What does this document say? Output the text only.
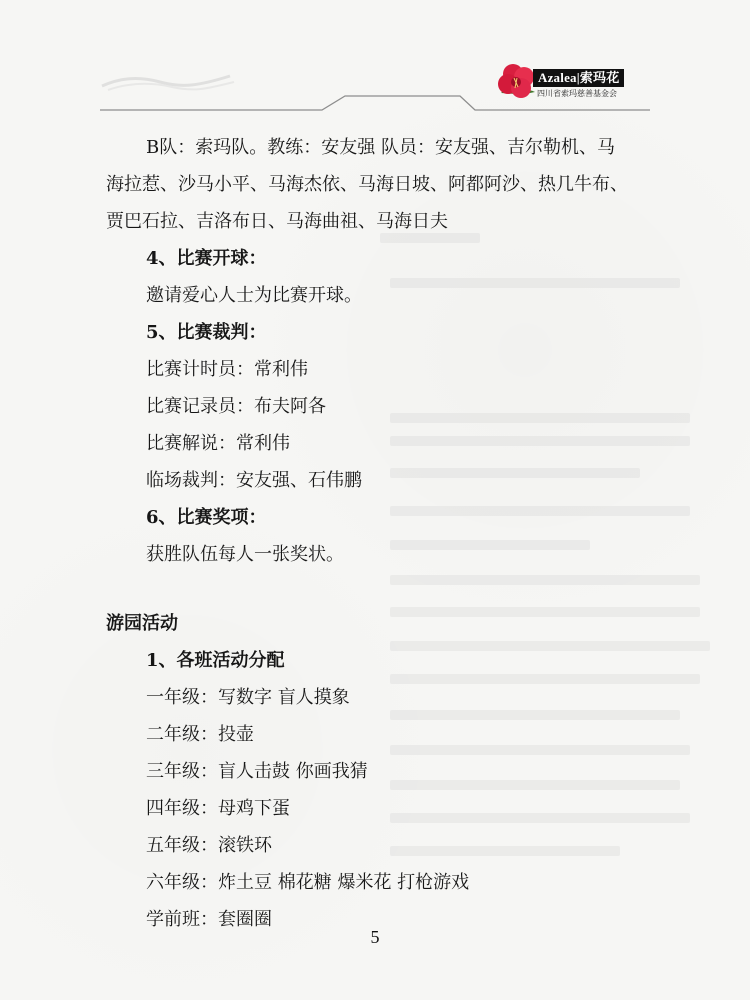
Azalea|索玛花
四川省索玛慈善基金会
B队：索玛队。教练：安友强 队员：安友强、吉尔勒机、马
海拉惹、沙马小平、马海杰依、马海日坡、阿都阿沙、热几牛布、
贾巴石拉、吉洛布日、马海曲祖、马海日夫
4、比赛开球：
邀请爱心人士为比赛开球。
5、比赛裁判：
比赛计时员：常利伟
比赛记录员：布夫阿各
比赛解说：常利伟
临场裁判：安友强、石伟鹏
6、比赛奖项：
获胜队伍每人一张奖状。
游园活动
1、各班活动分配
一年级：写数字 盲人摸象
二年级：投壶
三年级：盲人击鼓 你画我猜
四年级：母鸡下蛋
五年级：滚铁环
六年级：炸土豆 棉花糖 爆米花 打枪游戏
学前班：套圈圈
5
